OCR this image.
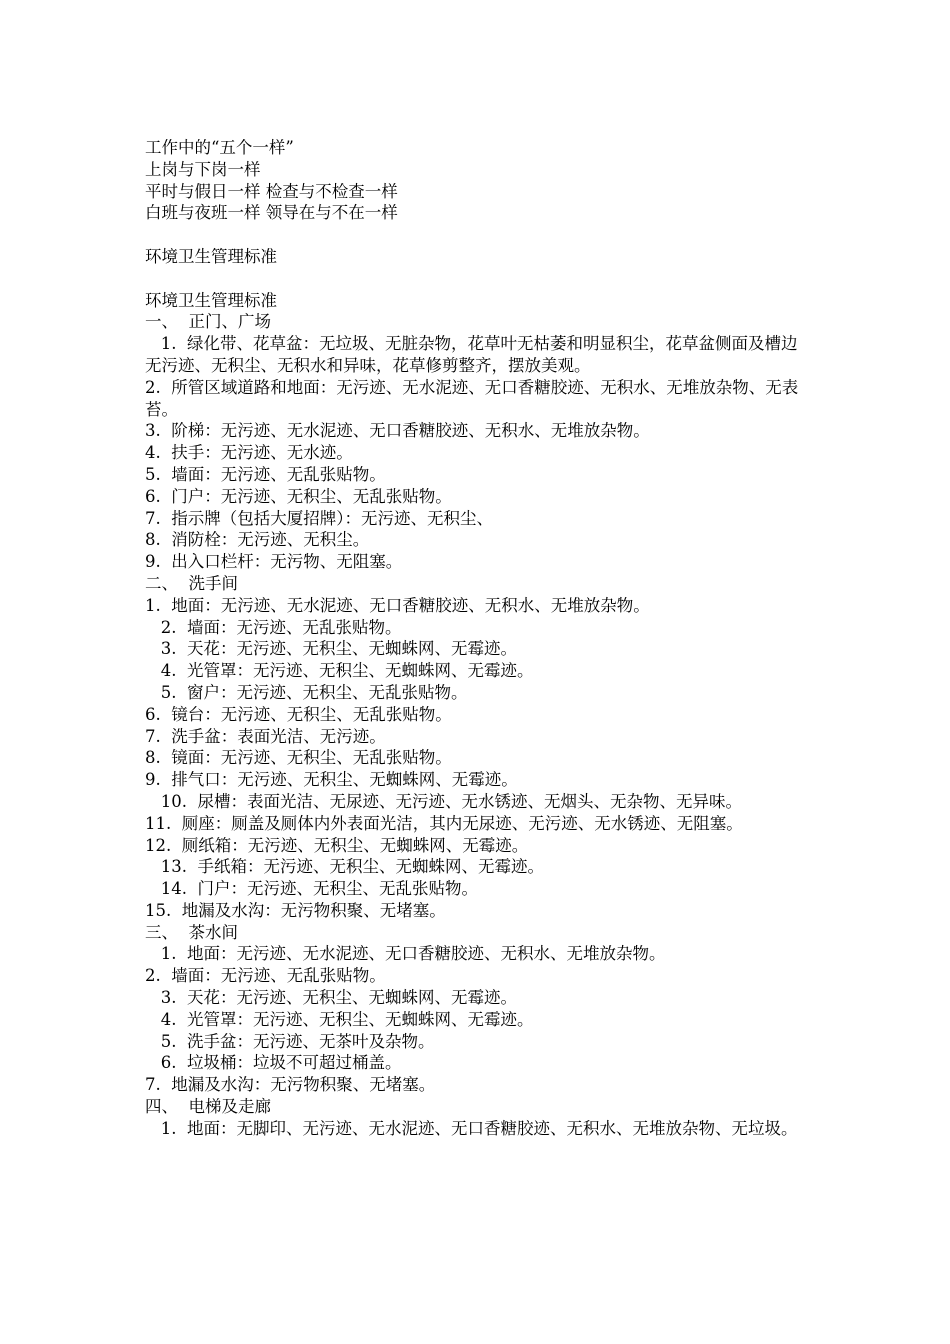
工作中的“五个一样”
上岗与下岗一样
平时与假日一样 检查与不检查一样
白班与夜班一样 领导在与不在一样
环境卫生管理标准
环境卫生管理标准
一、  正门、广场
1.  绿化带、花草盆：无垃圾、无脏杂物，花草叶无枯萎和明显积尘，花草盆侧面及槽边无污迹、无积尘、无积水和异味，花草修剪整齐，摆放美观。
2.  所管区域道路和地面：无污迹、无水泥迹、无口香糖胶迹、无积水、无堆放杂物、无表苔。
3.  阶梯：无污迹、无水泥迹、无口香糖胶迹、无积水、无堆放杂物。
4.  扶手：无污迹、无水迹。
5.  墙面：无污迹、无乱张贴物。
6.  门户：无污迹、无积尘、无乱张贴物。
7.  指示牌（包括大厦招牌）：无污迹、无积尘、
8.  消防栓：无污迹、无积尘。
9.  出入口栏杆：无污物、无阻塞。
二、  洗手间
1.  地面：无污迹、无水泥迹、无口香糖胶迹、无积水、无堆放杂物。
2.  墙面：无污迹、无乱张贴物。
3.  天花：无污迹、无积尘、无蜘蛛网、无霉迹。
4.  光管罩：无污迹、无积尘、无蜘蛛网、无霉迹。
5.  窗户：无污迹、无积尘、无乱张贴物。
6.  镜台：无污迹、无积尘、无乱张贴物。
7.  洗手盆：表面光洁、无污迹。
8.  镜面：无污迹、无积尘、无乱张贴物。
9.  排气口：无污迹、无积尘、无蜘蛛网、无霉迹。
10.  尿槽：表面光洁、无尿迹、无污迹、无水锈迹、无烟头、无杂物、无异味。
11.  厕座：厕盖及厕体内外表面光洁，其内无尿迹、无污迹、无水锈迹、无阻塞。
12.  厕纸箱：无污迹、无积尘、无蜘蛛网、无霉迹。
13.  手纸箱：无污迹、无积尘、无蜘蛛网、无霉迹。
14.  门户：无污迹、无积尘、无乱张贴物。
15.  地漏及水沟：无污物积聚、无堵塞。
三、  茶水间
1.  地面：无污迹、无水泥迹、无口香糖胶迹、无积水、无堆放杂物。
2.  墙面：无污迹、无乱张贴物。
3.  天花：无污迹、无积尘、无蜘蛛网、无霉迹。
4.  光管罩：无污迹、无积尘、无蜘蛛网、无霉迹。
5.  洗手盆：无污迹、无茶叶及杂物。
6.  垃圾桶：垃圾不可超过桶盖。
7.  地漏及水沟：无污物积聚、无堵塞。
四、  电梯及走廊
1.  地面：无脚印、无污迹、无水泥迹、无口香糖胶迹、无积水、无堆放杂物、无垃圾。
